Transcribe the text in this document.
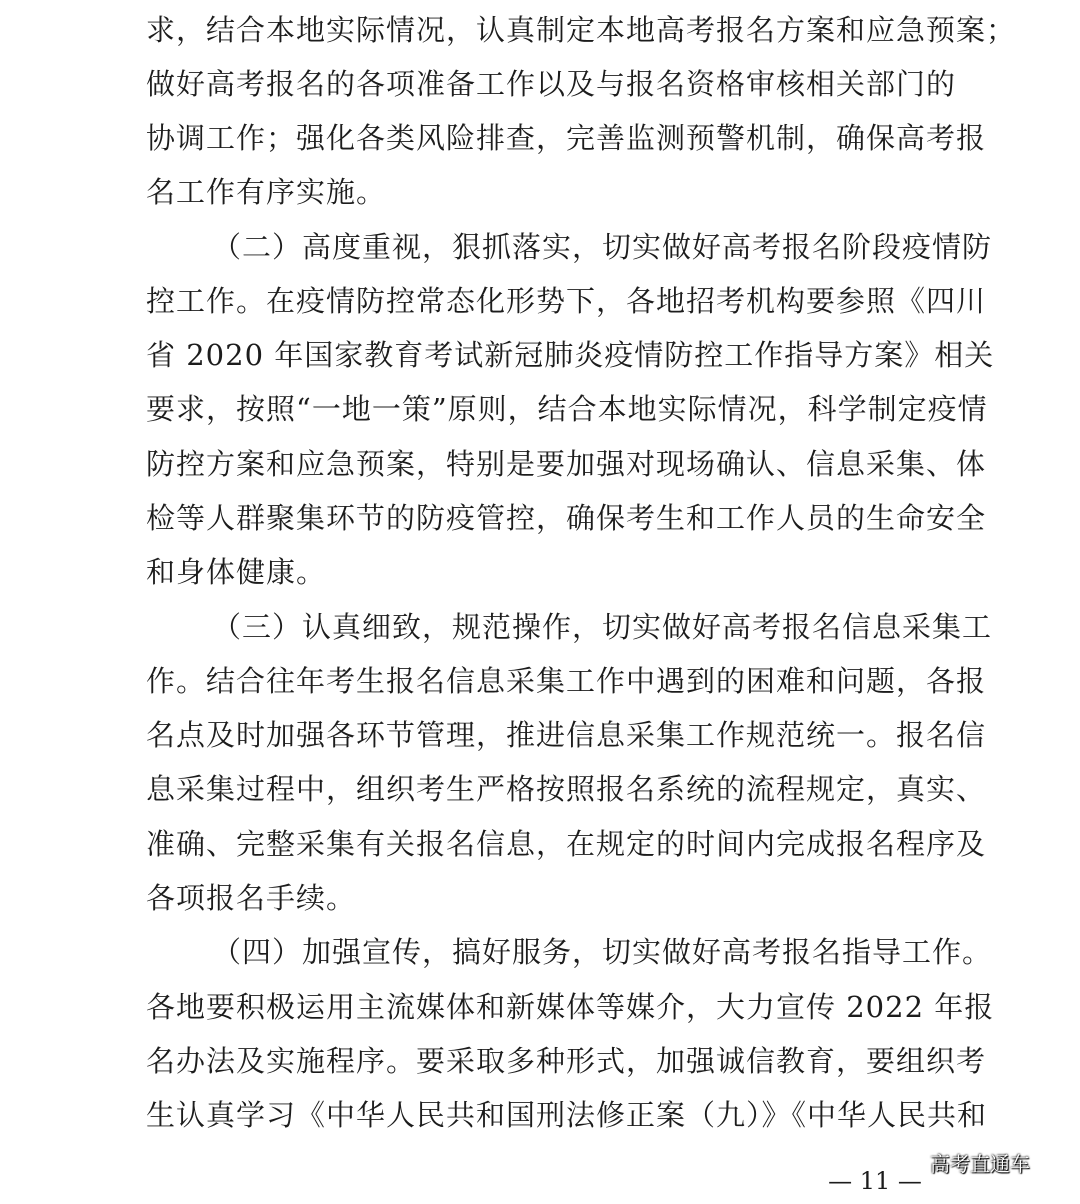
求，结合本地实际情况，认真制定本地高考报名方案和应急预案；
做好高考报名的各项准备工作以及与报名资格审核相关部门的
协调工作；强化各类风险排查，完善监测预警机制，确保高考报
名工作有序实施。
（二）高度重视，狠抓落实，切实做好高考报名阶段疫情防
控工作。在疫情防控常态化形势下，各地招考机构要参照《四川
省 2020 年国家教育考试新冠肺炎疫情防控工作指导方案》相关
要求，按照“一地一策”原则，结合本地实际情况，科学制定疫情
防控方案和应急预案，特别是要加强对现场确认、信息采集、体
检等人群聚集环节的防疫管控，确保考生和工作人员的生命安全
和身体健康。
（三）认真细致，规范操作，切实做好高考报名信息采集工
作。结合往年考生报名信息采集工作中遇到的困难和问题，各报
名点及时加强各环节管理，推进信息采集工作规范统一。报名信
息采集过程中，组织考生严格按照报名系统的流程规定，真实、
准确、完整采集有关报名信息，在规定的时间内完成报名程序及
各项报名手续。
（四）加强宣传，搞好服务，切实做好高考报名指导工作。
各地要积极运用主流媒体和新媒体等媒介，大力宣传 2022 年报
名办法及实施程序。要采取多种形式，加强诚信教育，要组织考
生认真学习《中华人民共和国刑法修正案（九）》《中华人民共和
— 11 —
高考直通车
